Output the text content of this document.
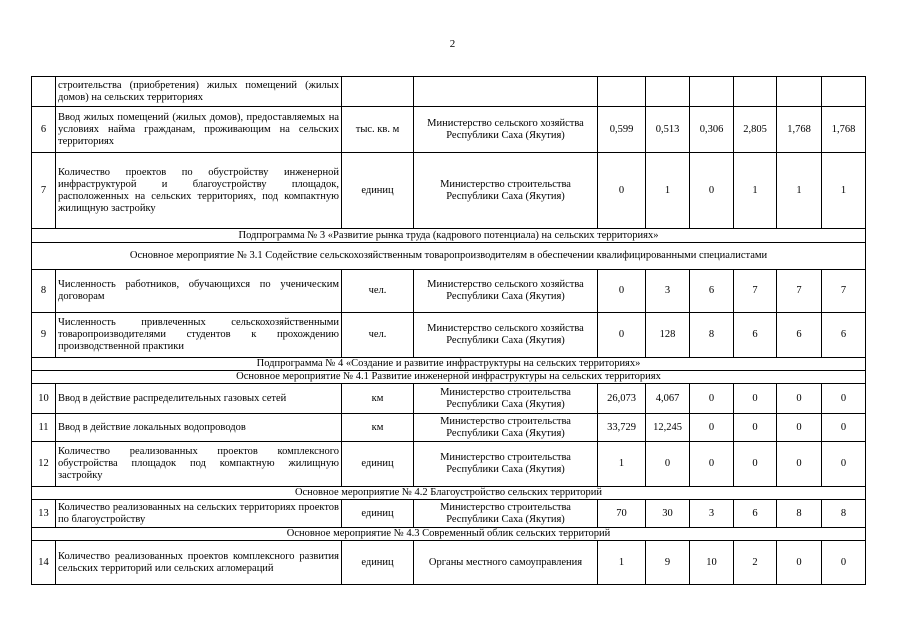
2
	строительства (приобретения) жилых помещений (жилых домов) на сельских территориях								
6	Ввод жилых помещений (жилых домов), предоставляемых на условиях найма гражданам, проживающим на сельских территориях	тыс. кв. м	Министерство сельского хозяйства Республики Саха (Якутия)	0,599	0,513	0,306	2,805	1,768	1,768
7	Количество проектов по обустройству инженерной инфраструктурой и благоустройству площадок, расположенных на сельских территориях, под компактную жилищную застройку	единиц	Министерство строительства Республики Саха (Якутия)	0	1	0	1	1	1
Подпрограмма № 3 «Развитие рынка труда (кадрового потенциала) на сельских территориях»									
Основное мероприятие № 3.1 Содействие сельскохозяйственным товаропроизводителям в обеспечении квалифицированными специалистами									
8	Численность работников, обучающихся по ученическим договорам	чел.	Министерство сельского хозяйства Республики Саха (Якутия)	0	3	6	7	7	7
9	Численность привлеченных сельскохозяйственными товаропроизводителями студентов к прохождению производственной практики	чел.	Министерство сельского хозяйства Республики Саха (Якутия)	0	128	8	6	6	6
Подпрограмма № 4 «Создание и развитие инфраструктуры на сельских территориях»									
Основное мероприятие № 4.1 Развитие инженерной инфраструктуры на сельских территориях									
10	Ввод в действие распределительных газовых сетей	км	Министерство строительства Республики Саха (Якутия)	26,073	4,067	0	0	0	0
11	Ввод в действие локальных водопроводов	км	Министерство строительства Республики Саха (Якутия)	33,729	12,245	0	0	0	0
12	Количество реализованных проектов комплексного обустройства площадок под компактную жилищную застройку	единиц	Министерство строительства Республики Саха (Якутия)	1	0	0	0	0	0
Основное мероприятие № 4.2 Благоустройство сельских территорий									
13	Количество реализованных на сельских территориях проектов по благоустройству	единиц	Министерство строительства Республики Саха (Якутия)	70	30	3	6	8	8
Основное мероприятие № 4.3 Современный облик сельских территорий									
14	Количество реализованных проектов комплексного развития сельских территорий или сельских агломераций	единиц	Органы местного самоуправления	1	9	10	2	0	0
